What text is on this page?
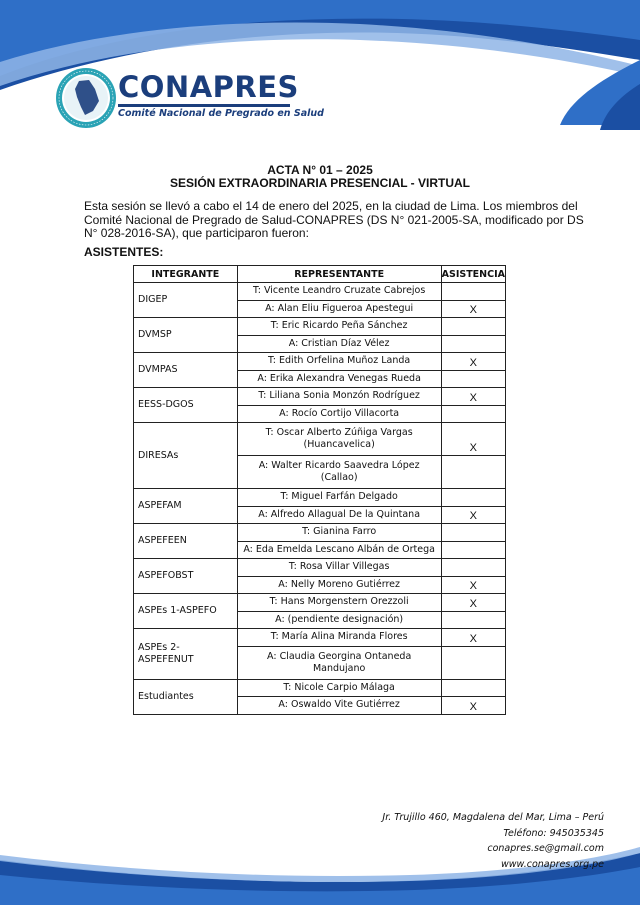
CONAPRES
Comité Nacional de Pregrado en Salud
ACTA N° 01 – 2025
SESIÓN EXTRAORDINARIA PRESENCIAL - VIRTUAL

Esta sesión se llevó a cabo el 14 de enero del 2025, en la ciudad de Lima. Los miembros del Comité Nacional de Pregrado de Salud-CONAPRES (DS N° 021-2005-SA, modificado por DS N° 028-2016-SA), que participaron fueron:

ASISTENTES:
INTEGRANTE	REPRESENTANTE	ASISTENCIA
DIGEP	T: Vicente Leandro Cruzate Cabrejos	
	A: Alan Eliu Figueroa Apestegui	X
DVMSP	T: Eric Ricardo Peña Sánchez	
	A: Cristian Díaz Vélez	
DVMPAS	T: Edith Orfelina Muñoz Landa	X
	A: Erika Alexandra Venegas Rueda	
EESS-DGOS	T: Liliana Sonia Monzón Rodríguez	X
	A: Rocío Cortijo Villacorta	
DIRESAs	T: Oscar Alberto Zúñiga Vargas (Huancavelica)	X
	A: Walter Ricardo Saavedra López (Callao)	
ASPEFAM	T: Miguel Farfán Delgado	
	A: Alfredo Allagual De la Quintana	X
ASPEFEEN	T: Gianina Farro	
	A: Eda Emelda Lescano Albán de Ortega	
ASPEFOBST	T: Rosa Villar Villegas	
	A: Nelly Moreno Gutiérrez	X
ASPEs 1-ASPEFO	T: Hans Morgenstern Orezzoli	X
	A: (pendiente designación)	
ASPEs 2-ASPEFENUT	T: María Alina Miranda Flores	X
	A: Claudia Georgina Ontaneda Mandujano	
Estudiantes	T: Nicole Carpio Málaga	
	A: Oswaldo Vite Gutiérrez	X
Jr. Trujillo 460, Magdalena del Mar, Lima – Perú
Teléfono: 945035345
conapres.se@gmail.com
www.conapres.org.pe
